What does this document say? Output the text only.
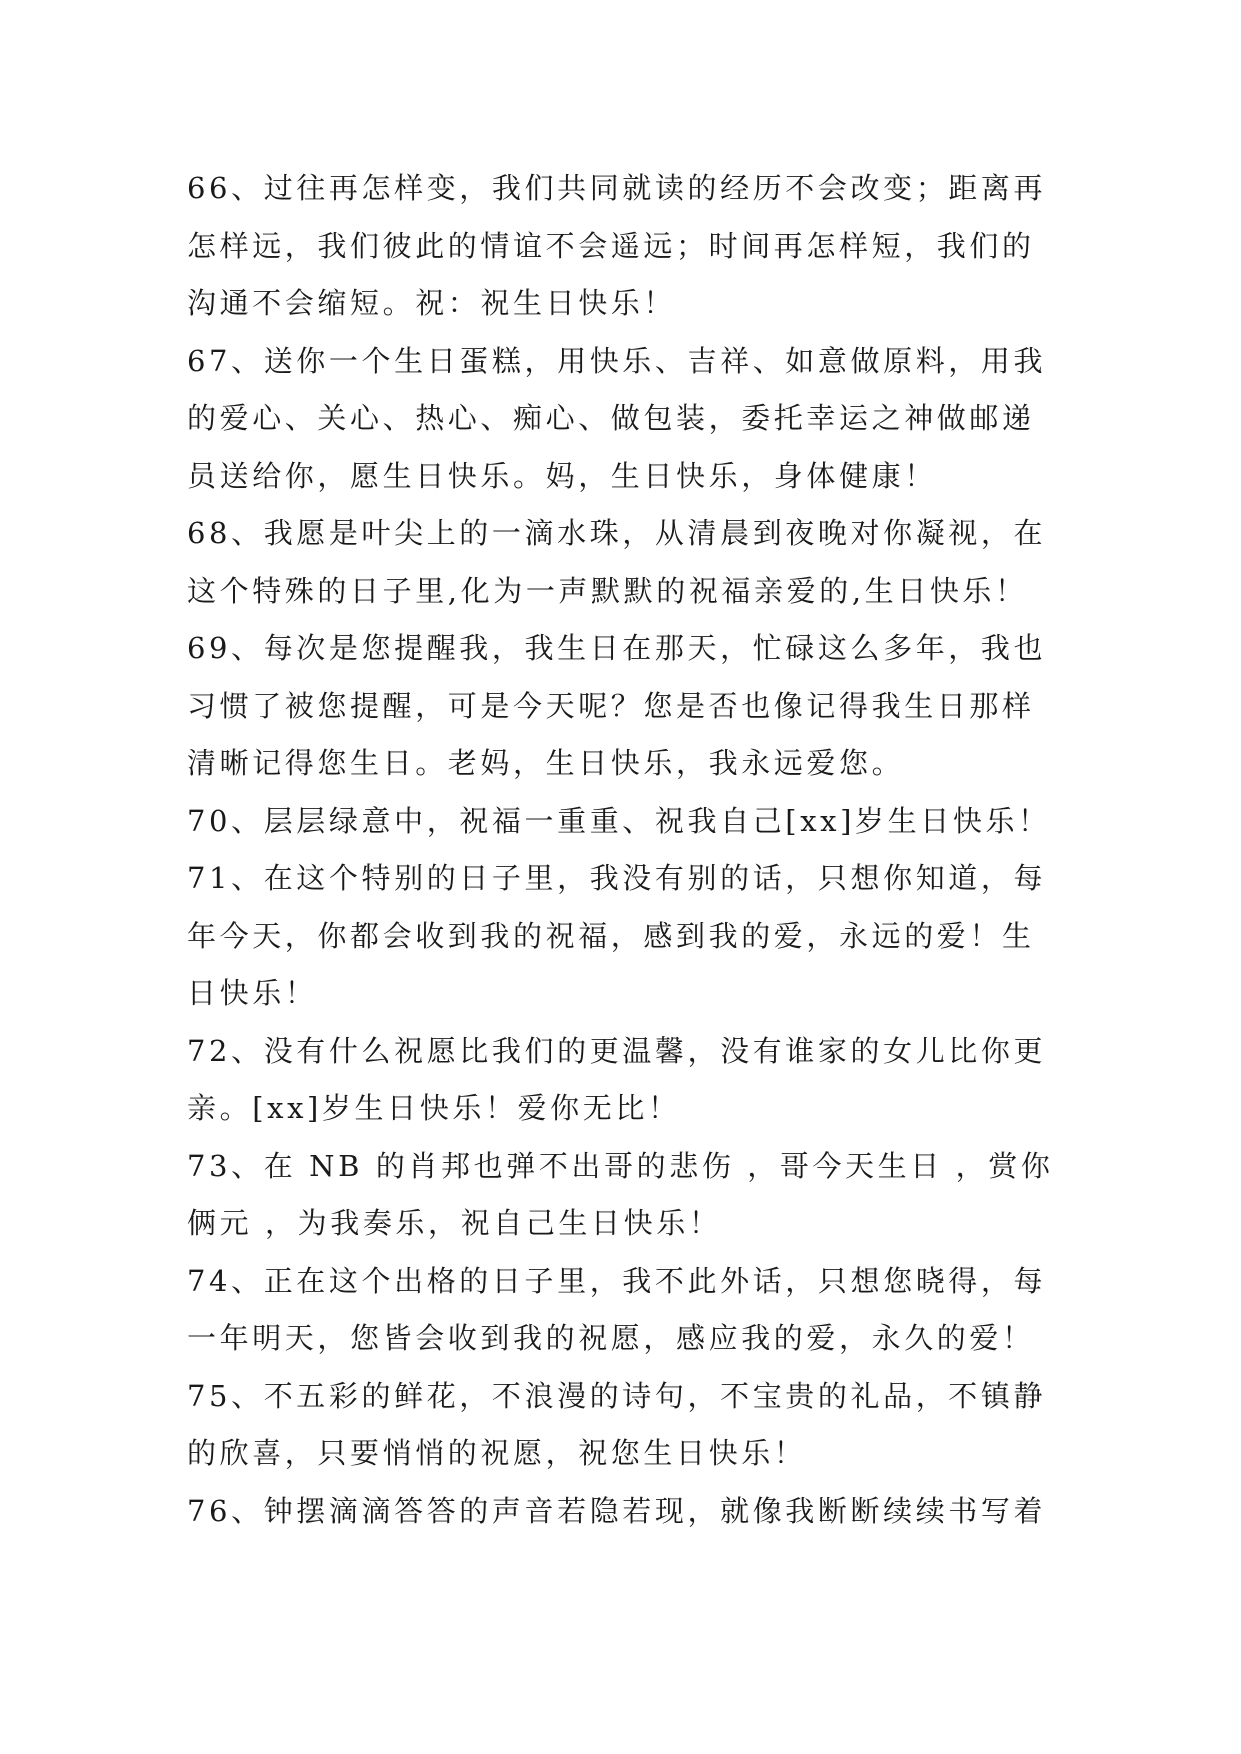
66、过往再怎样变，我们共同就读的经历不会改变；距离再
怎样远，我们彼此的情谊不会遥远；时间再怎样短，我们的
沟通不会缩短。祝：祝生日快乐！
67、送你一个生日蛋糕，用快乐、吉祥、如意做原料，用我
的爱心、关心、热心、痴心、做包装，委托幸运之神做邮递
员送给你，愿生日快乐。妈，生日快乐，身体健康！
68、我愿是叶尖上的一滴水珠，从清晨到夜晚对你凝视，在
这个特殊的日子里,化为一声默默的祝福亲爱的,生日快乐！
69、每次是您提醒我，我生日在那天，忙碌这么多年，我也
习惯了被您提醒，可是今天呢？您是否也像记得我生日那样
清晰记得您生日。老妈，生日快乐，我永远爱您。
70、层层绿意中，祝福一重重、祝我自己[xx]岁生日快乐！
71、在这个特别的日子里，我没有别的话，只想你知道，每
年今天，你都会收到我的祝福，感到我的爱，永远的爱！生
日快乐！
72、没有什么祝愿比我们的更温馨，没有谁家的女儿比你更
亲。[xx]岁生日快乐！爱你无比！
73、在 NB 的肖邦也弹不出哥的悲伤 ，哥今天生日 ，赏你
俩元 ，为我奏乐，祝自己生日快乐！
74、正在这个出格的日子里，我不此外话，只想您晓得，每
一年明天，您皆会收到我的祝愿，感应我的爱，永久的爱！
75、不五彩的鲜花，不浪漫的诗句，不宝贵的礼品，不镇静
的欣喜，只要悄悄的祝愿，祝您生日快乐！
76、钟摆滴滴答答的声音若隐若现，就像我断断续续书写着
